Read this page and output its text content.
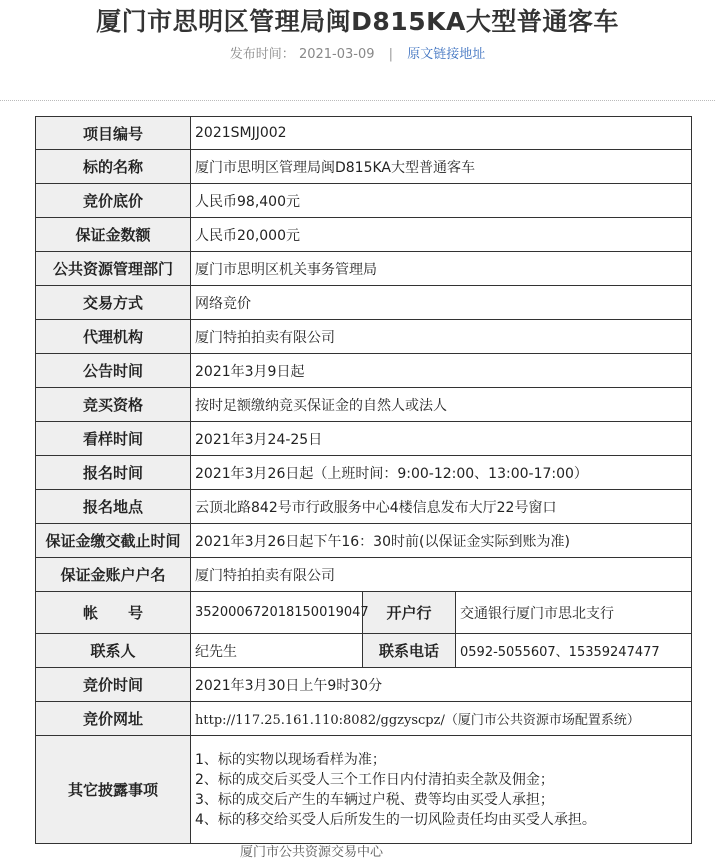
厦门市思明区管理局闽D815KA大型普通客车
发布时间： 2021-03-09 | 原文链接地址
项目编号	2021SMJJ002		
标的名称	厦门市思明区管理局闽D815KA大型普通客车		
竞价底价	人民币98,400元		
保证金数额	人民币20,000元		
公共资源管理部门	厦门市思明区机关事务管理局		
交易方式	网络竞价		
代理机构	厦门特拍拍卖有限公司		
公告时间	2021年3月9日起		
竞买资格	按时足额缴纳竞买保证金的自然人或法人		
看样时间	2021年3月24-25日		
报名时间	2021年3月26日起（上班时间：9:00-12:00、13:00-17:00）		
报名地点	云顶北路842号市行政服务中心4楼信息发布大厅22号窗口		
保证金缴交截止时间	2021年3月26日起下午16：30时前(以保证金实际到账为准)		
保证金账户户名	厦门特拍拍卖有限公司		
帐　　号	35200067201815001904​7	开户行	交通银行厦门市思北支行
联系人	纪先生	联系电话	0592-5055607、15359247477
竞价时间	2021年3月30日上午9时30分		
竞价网址	http://117.25.161.110:8082/ggzyscpz/（厦门市公共资源市场配置系统）		
其它披露事项	1、标的实物以现场看样为准；
2、标的成交后买受人三个工作日内付清拍卖全款及佣金；
3、标的成交后产生的车辆过户税、费等均由买受人承担；
4、标的移交给买受人后所发生的一切风险责任均由买受人承担。		
厦门市公共资源交易中心
